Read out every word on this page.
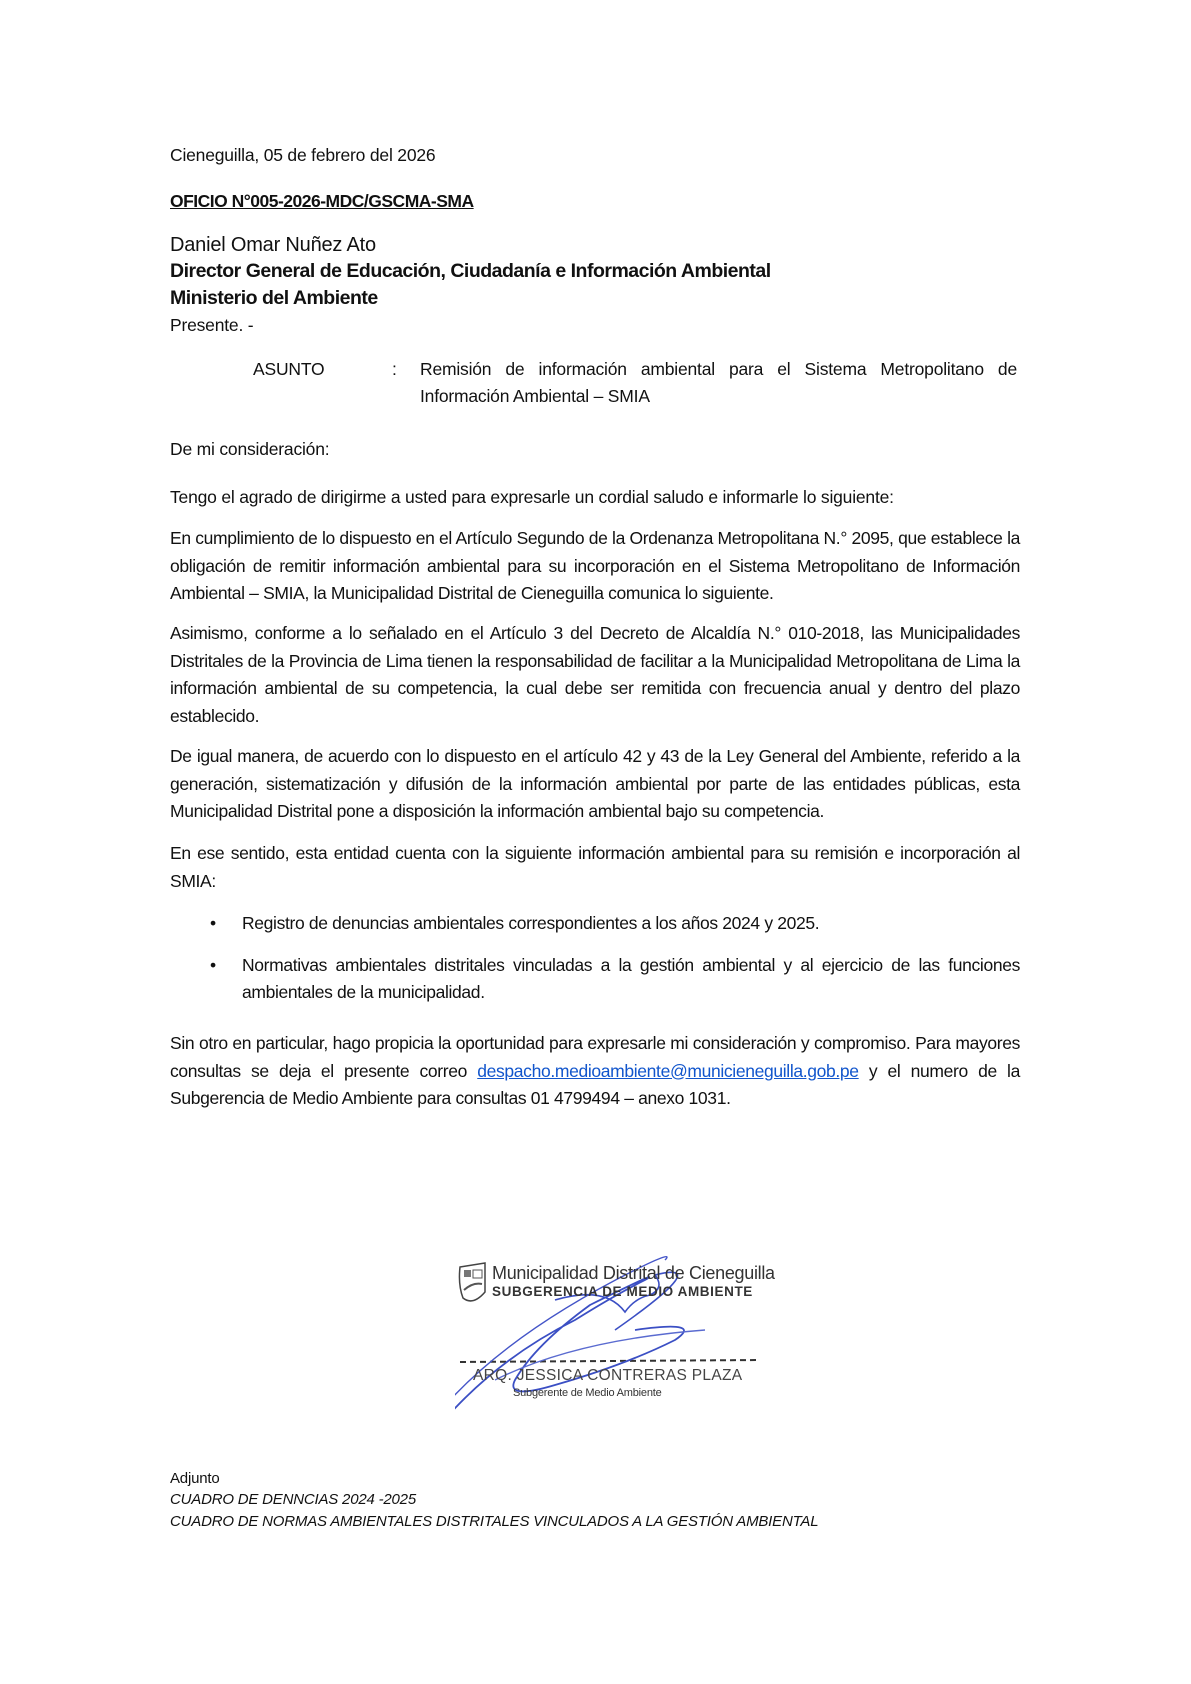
Cieneguilla, 05 de febrero del 2026
OFICIO N°005-2026-MDC/GSCMA-SMA
Daniel Omar Nuñez Ato
Director General de Educación, Ciudadanía e Información Ambiental
Ministerio del Ambiente
Presente. -
ASUNTO	: Remisión de información ambiental para el Sistema Metropolitano de
Información Ambiental – SMIA
De mi consideración:
Tengo el agrado de dirigirme a usted para expresarle un cordial saludo e informarle lo siguiente:
En cumplimiento de lo dispuesto en el Artículo Segundo de la Ordenanza Metropolitana N.° 2095, que establece la obligación de remitir información ambiental para su incorporación en el Sistema Metropolitano de Información Ambiental – SMIA, la Municipalidad Distrital de Cieneguilla comunica lo siguiente.
Asimismo, conforme a lo señalado en el Artículo 3 del Decreto de Alcaldía N.° 010-2018, las Municipalidades Distritales de la Provincia de Lima tienen la responsabilidad de facilitar a la Municipalidad Metropolitana de Lima la información ambiental de su competencia, la cual debe ser remitida con frecuencia anual y dentro del plazo establecido.
De igual manera, de acuerdo con lo dispuesto en el artículo 42 y 43 de la Ley General del Ambiente, referido a la generación, sistematización y difusión de la información ambiental por parte de las entidades públicas, esta Municipalidad Distrital pone a disposición la información ambiental bajo su competencia.
En ese sentido, esta entidad cuenta con la siguiente información ambiental para su remisión e incorporación al SMIA:
• Registro de denuncias ambientales correspondientes a los años 2024 y 2025.
• Normativas ambientales distritales vinculadas a la gestión ambiental y al ejercicio de las funciones ambientales de la municipalidad.
Sin otro en particular, hago propicia la oportunidad para expresarle mi consideración y compromiso. Para mayores consultas se deja el presente correo despacho.medioambiente@municieneguilla.gob.pe y el numero de la Subgerencia de Medio Ambiente para consultas 01 4799494 – anexo 1031.
Municipalidad Distrital de Cieneguilla
SUBGERENCIA DE MEDIO AMBIENTE
ARQ. JESSICA CONTRERAS PLAZA
Subgerente de Medio Ambiente
Adjunto
CUADRO DE DENNCIAS 2024 -2025
CUADRO DE NORMAS AMBIENTALES DISTRITALES VINCULADOS A LA GESTIÓN AMBIENTAL
